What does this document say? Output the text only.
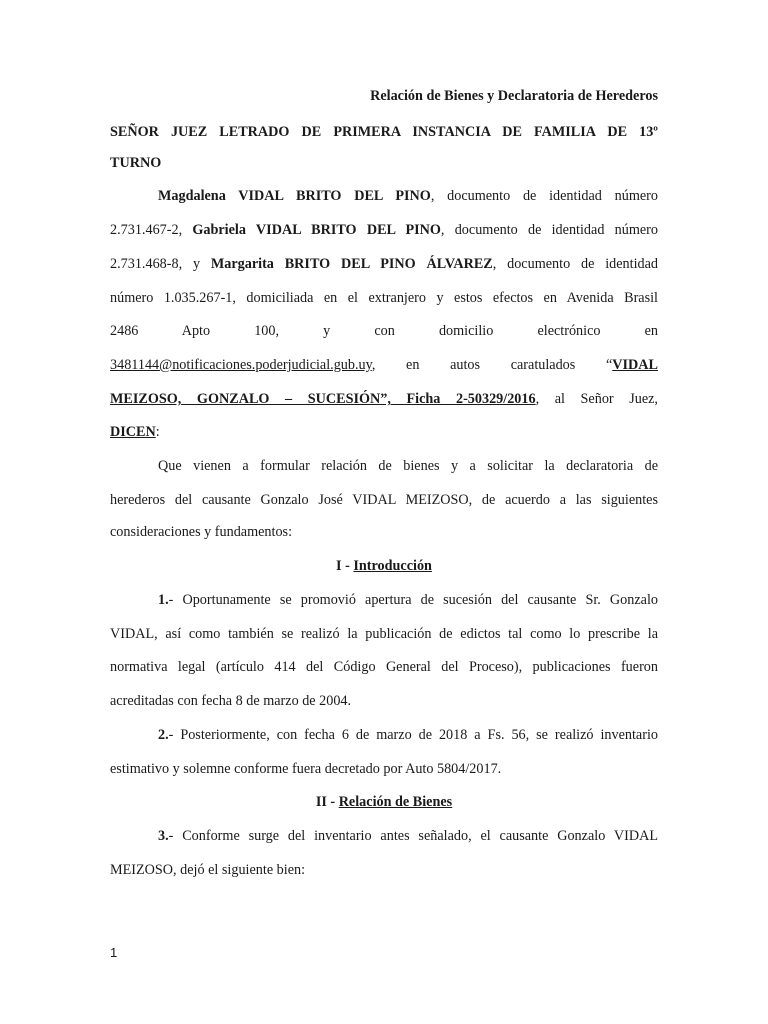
Relación de Bienes y Declaratoria de Herederos
SEÑOR JUEZ LETRADO DE PRIMERA INSTANCIA DE FAMILIA DE 13º
TURNO
Magdalena VIDAL BRITO DEL PINO, documento de identidad número
2.731.467-2, Gabriela VIDAL BRITO DEL PINO, documento de identidad número
2.731.468-8, y Margarita BRITO DEL PINO ÁLVAREZ, documento de identidad
número 1.035.267-1, domiciliada en el extranjero y estos efectos en Avenida Brasil
2486 Apto 100, y con domicilio electrónico en
3481144@notificaciones.poderjudicial.gub.uy, en autos caratulados “VIDAL
MEIZOSO, GONZALO – SUCESIÓN”, Ficha 2-50329/2016, al Señor Juez,
DICEN:
Que vienen a formular relación de bienes y a solicitar la declaratoria de
herederos del causante Gonzalo José VIDAL MEIZOSO, de acuerdo a las siguientes
consideraciones y fundamentos:
I - Introducción
1.- Oportunamente se promovió apertura de sucesión del causante Sr. Gonzalo
VIDAL, así como también se realizó la publicación de edictos tal como lo prescribe la
normativa legal (artículo 414 del Código General del Proceso), publicaciones fueron
acreditadas con fecha 8 de marzo de 2004.
2.- Posteriormente, con fecha 6 de marzo de 2018 a Fs. 56, se realizó inventario
estimativo y solemne conforme fuera decretado por Auto 5804/2017.
II - Relación de Bienes
3.- Conforme surge del inventario antes señalado, el causante Gonzalo VIDAL
MEIZOSO, dejó el siguiente bien:
1
